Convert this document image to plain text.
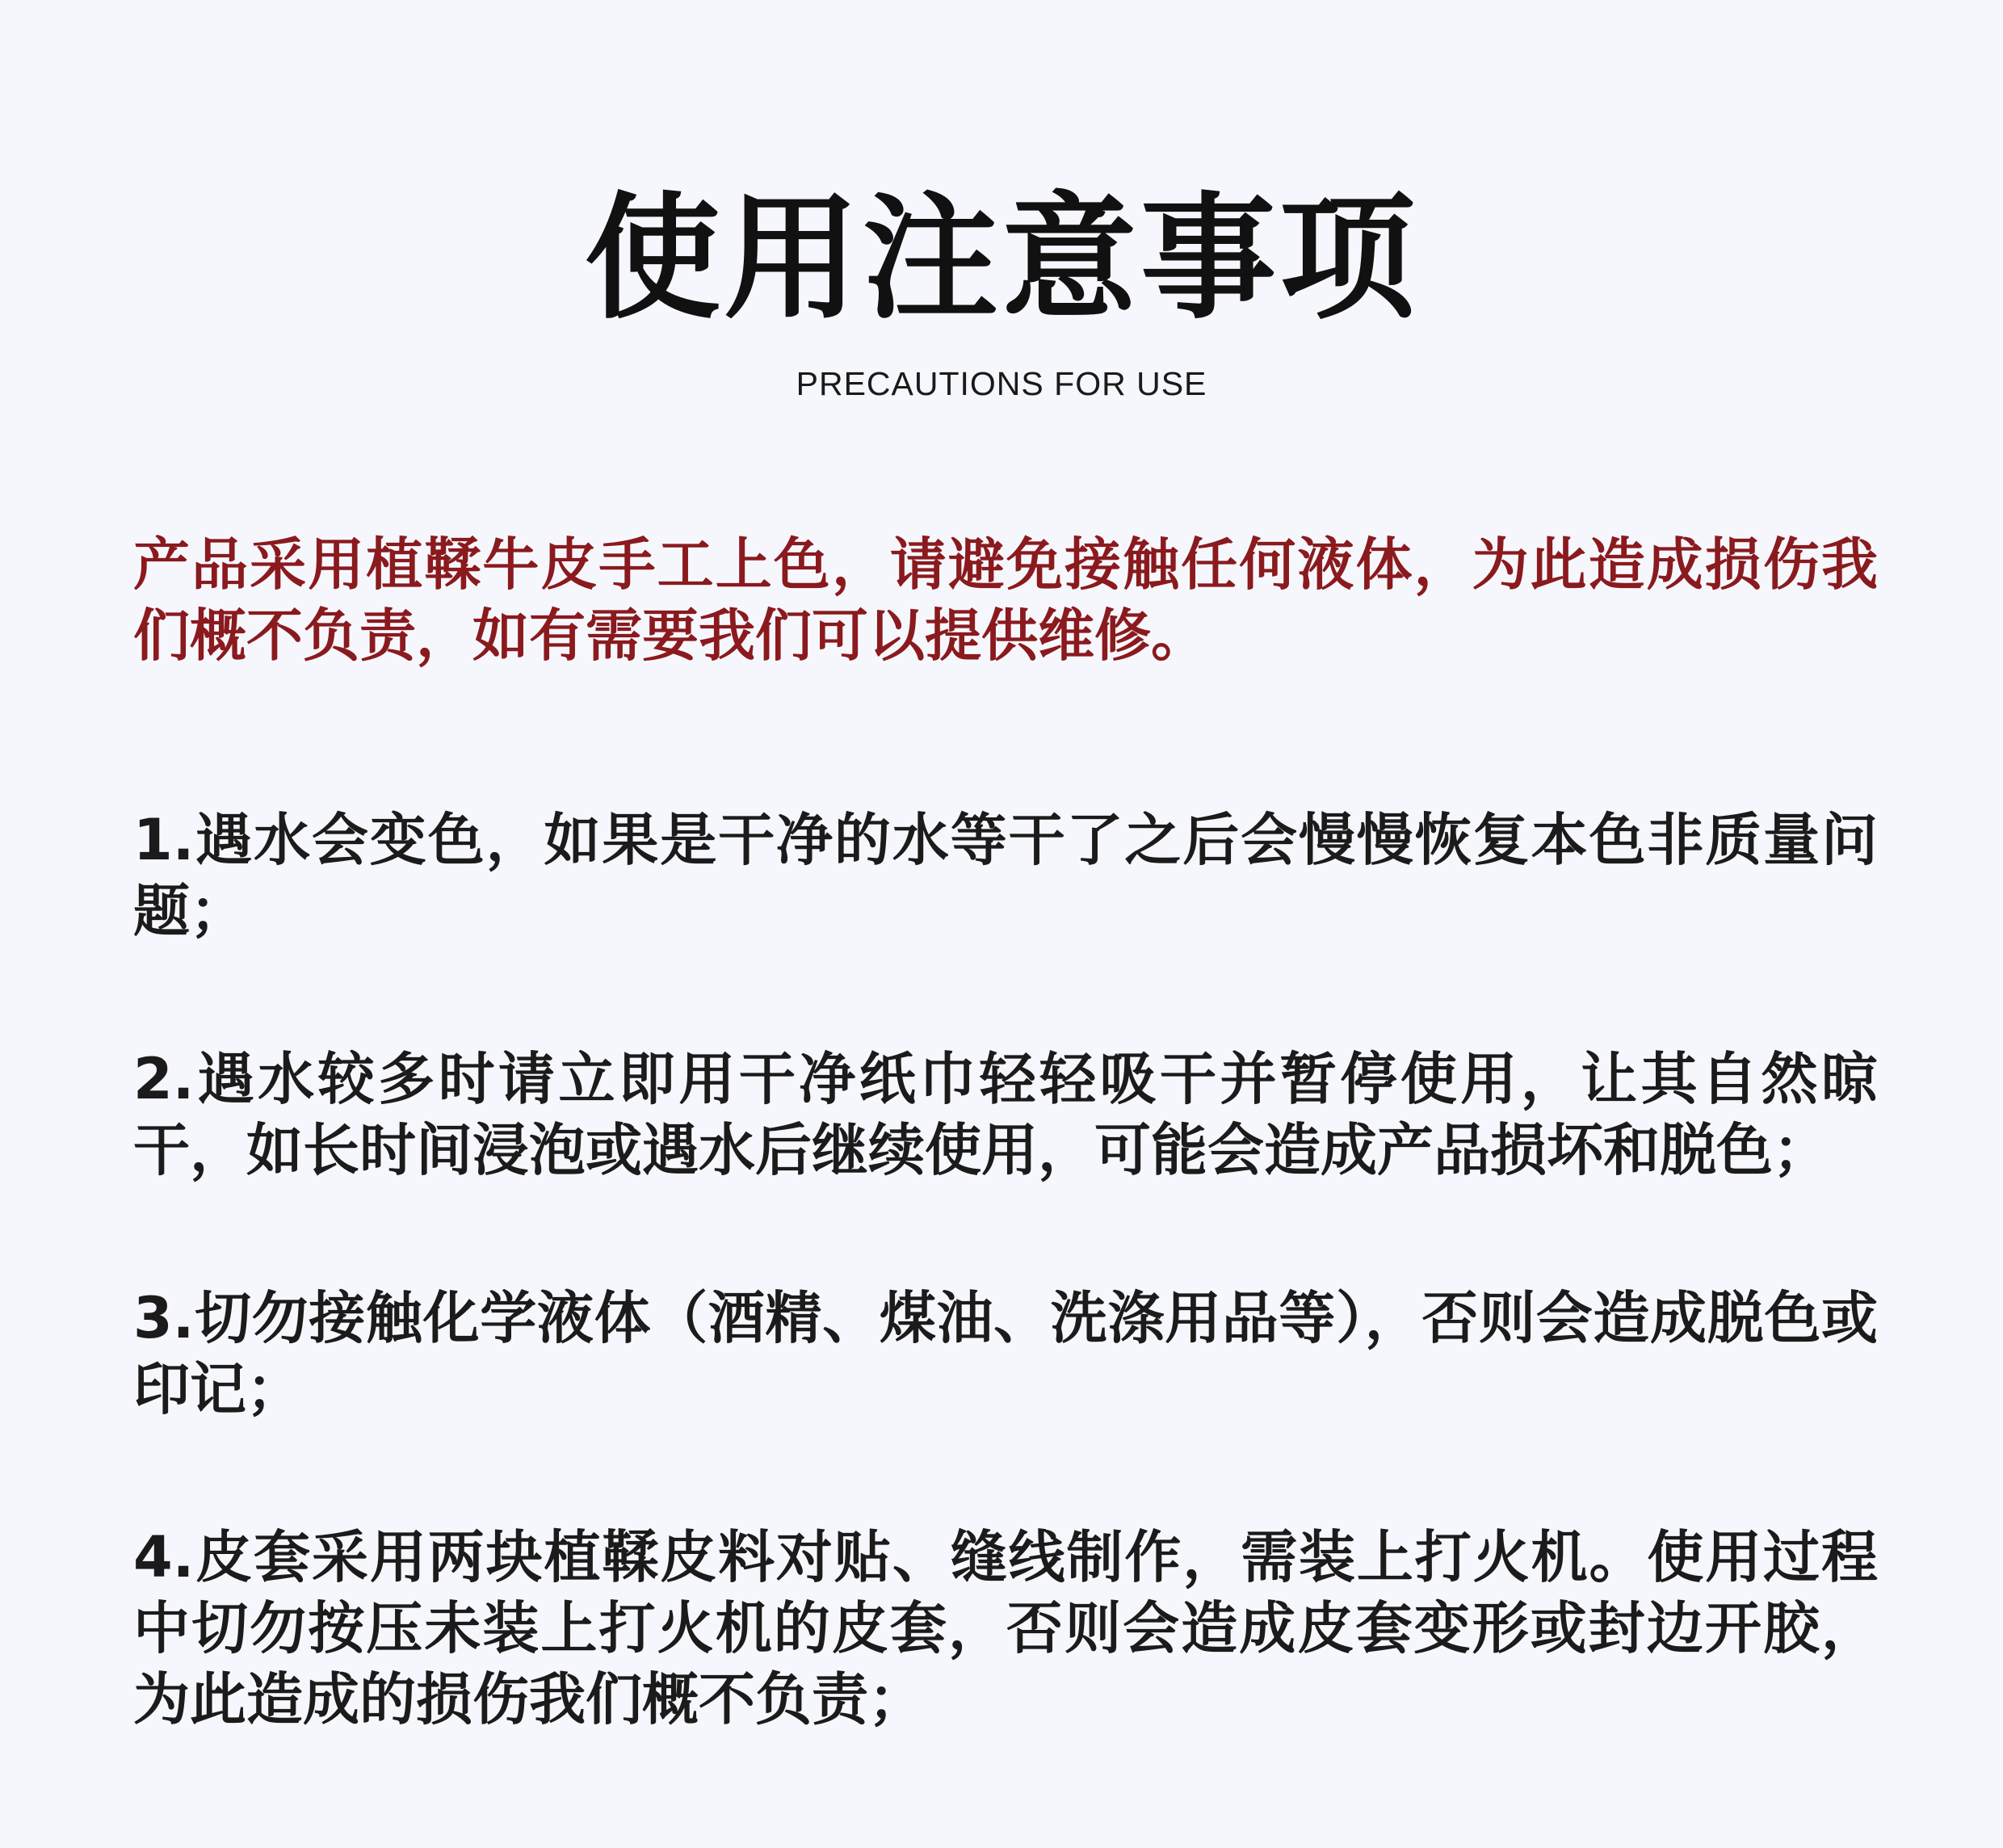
使用注意事项
PRECAUTIONS FOR USE

产品采用植鞣牛皮手工上色，请避免接触任何液体，为此造成损伤我们概不负责，如有需要我们可以提供维修。

1.遇水会变色，如果是干净的水等干了之后会慢慢恢复本色非质量问题；

2.遇水较多时请立即用干净纸巾轻轻吸干并暂停使用，让其自然晾干，如长时间浸泡或遇水后继续使用，可能会造成产品损坏和脱色；

3.切勿接触化学液体（酒精、煤油、洗涤用品等），否则会造成脱色或印记；

4.皮套采用两块植鞣皮料对贴、缝线制作，需装上打火机。使用过程中切勿按压未装上打火机的皮套，否则会造成皮套变形或封边开胶，为此造成的损伤我们概不负责；
